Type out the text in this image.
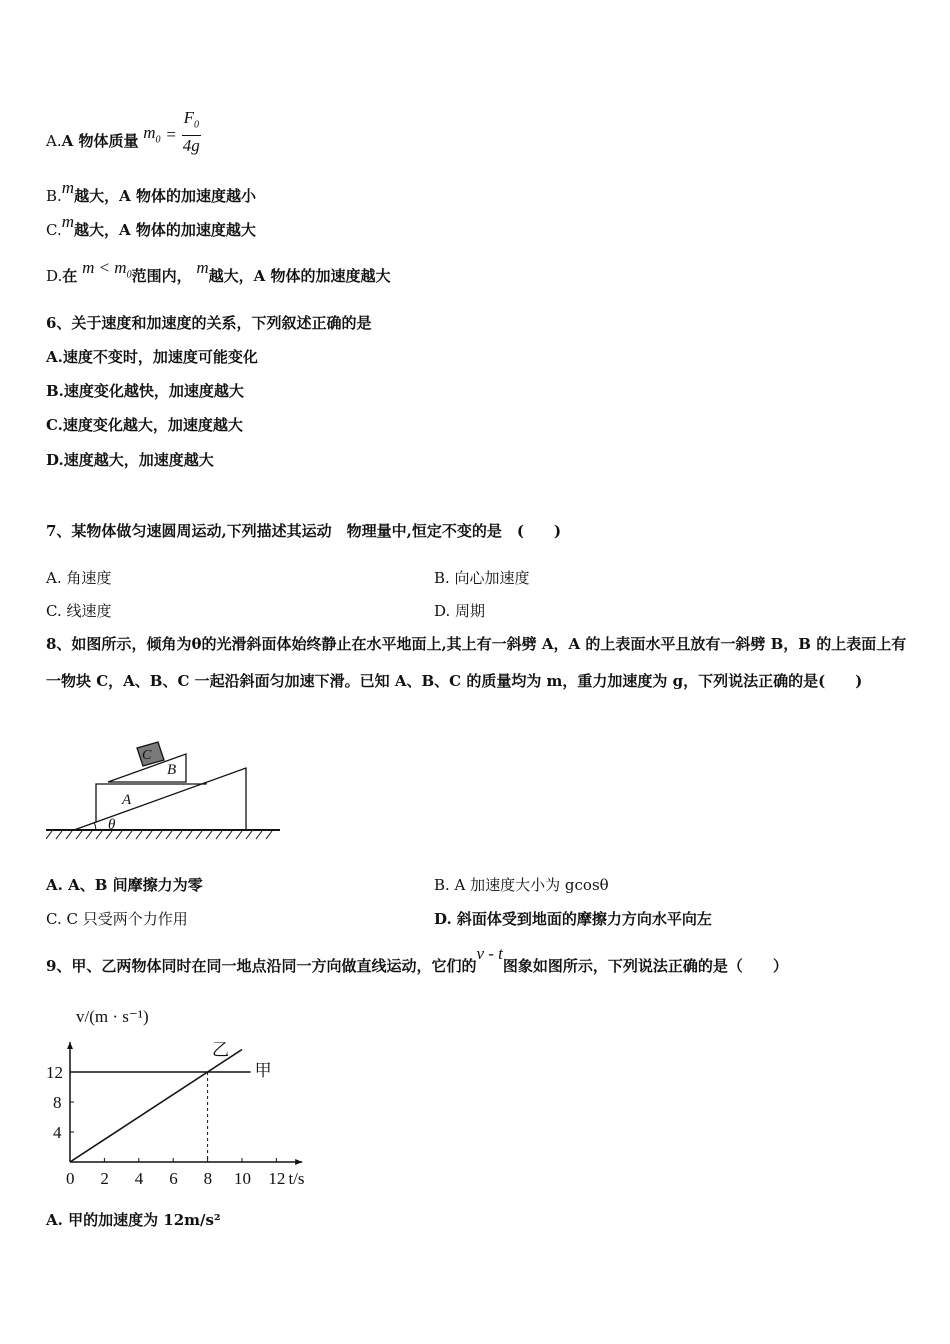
A.A 物体质量 $m_0 = \frac{F_0}{4g}$
B.m越大，A 物体的加速度越小
C.m越大，A 物体的加速度越大
D.在 $m < m_0$范围内， m越大，A 物体的加速度越大
6、关于速度和加速度的关系，下列叙述正确的是
A.速度不变时，加速度可能变化
B.速度变化越快，加速度越大
C.速度变化越大，加速度越大
D.速度越大，加速度越大
7、某物体做匀速圆周运动,下列描述其运动　物理量中,恒定不变的是　(　　)
A. 角速度	B. 向心加速度
C. 线速度	D. 周期
8、如图所示，倾角为θ的光滑斜面体始终静止在水平地面上,其上有一斜劈 A，A 的上表面水平且放有一斜劈 B，B 的上表面上有一物块 C，A、B、C 一起沿斜面匀加速下滑。已知 A、B、C 的质量均为 m，重力加速度为 g，下列说法正确的是(　　)
C
B
A
θ
A. A、B 间摩擦力为零	B. A 加速度大小为 gcosθ
C. C 只受两个力作用	D. 斜面体受到地面的摩擦力方向水平向左
9、甲、乙两物体同时在同一地点沿同一方向做直线运动，它们的v - t图象如图所示，下列说法正确的是（　　）
0 2 4 6 8 10 12
4
8
12	甲
乙
v/(m · s⁻¹)
t/s
A. 甲的加速度为 12m/s²
